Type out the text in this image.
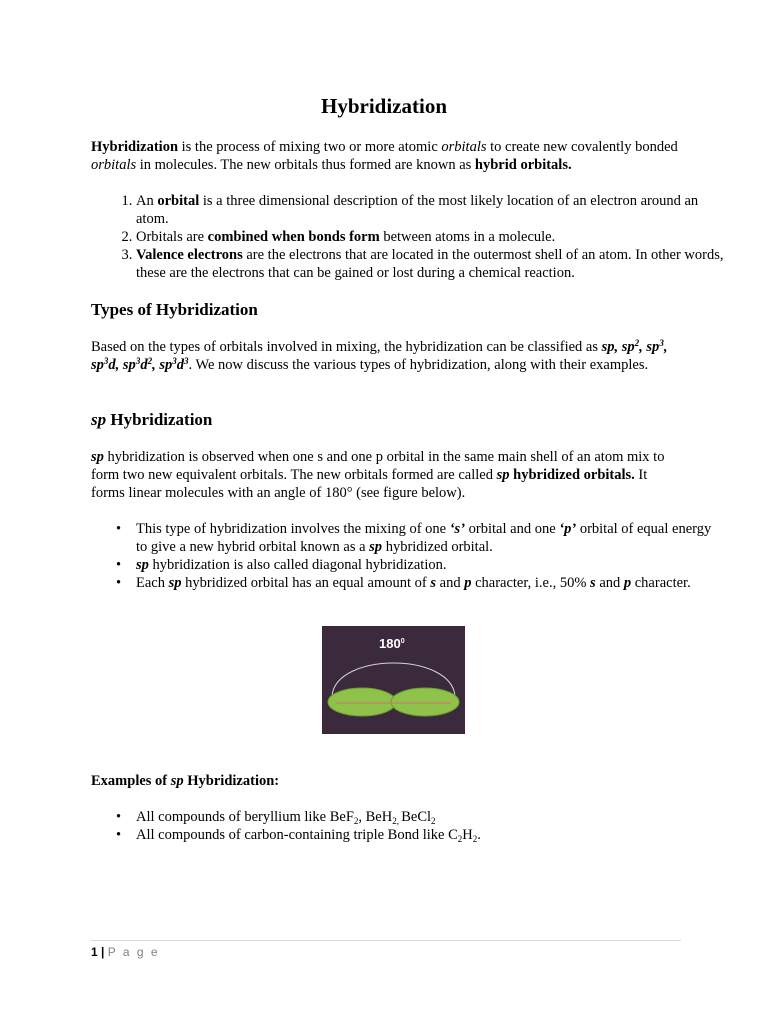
Hybridization

Hybridization is the process of mixing two or more atomic orbitals to create new covalently bonded orbitals in molecules. The new orbitals thus formed are known as hybrid orbitals.

1. An orbital is a three dimensional description of the most likely location of an electron around an atom.
2. Orbitals are combined when bonds form between atoms in a molecule.
3. Valence electrons are the electrons that are located in the outermost shell of an atom. In other words, these are the electrons that can be gained or lost during a chemical reaction.
Types of Hybridization

Based on the types of orbitals involved in mixing, the hybridization can be classified as sp, $sp^2$, $sp^3$, $sp^3d$, $sp^3d^2$, $sp^3d^3$. We now discuss the various types of hybridization, along with their examples.

sp Hybridization

sp hybridization is observed when one s and one p orbital in the same main shell of an atom mix to form two new equivalent orbitals. The new orbitals formed are called sp hybridized orbitals. It forms linear molecules with an angle of 180° (see figure below).

• This type of hybridization involves the mixing of one ‘s’ orbital and one ‘p’ orbital of equal energy to give a new hybrid orbital known as a sp hybridized orbital.
• sp hybridization is also called diagonal hybridization.
• Each sp hybridized orbital has an equal amount of s and p character, i.e., 50% s and p character.
$180^0$

Examples of sp Hybridization:

• All compounds of beryllium like BeF$_2$, BeH$_{2,}$ BeCl$_2$
• All compounds of carbon-containing triple Bond like $C_2H_2$.
1 | P a g e
